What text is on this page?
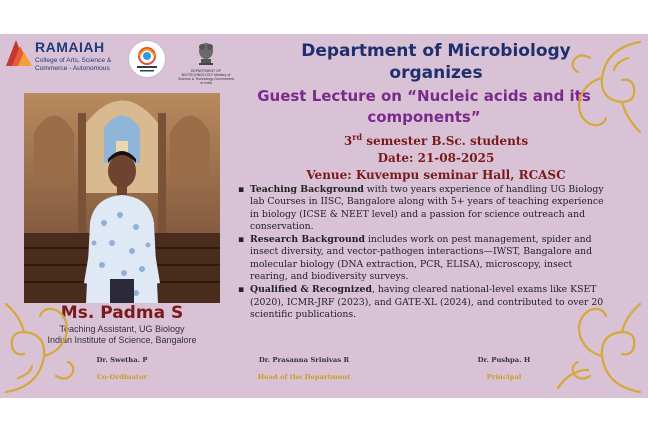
RAMAIAH
College of Arts, Science & Commerce - Autonomous	DEPARTMENT OF BIOTECHNOLOGY Ministry of Science & Technology Government of India
Ms. Padma S
Teaching Assistant, UG Biology
Indian Institute of Science, Bangalore
Department of Microbiology
organizes
Guest Lecture on “Nucleic acids and its
components”
3rd semester B.Sc. students
Date: 21-08-2025
Venue: Kuvempu seminar Hall, RCASC
▪ Teaching Background with two years experience of handling UG Biology lab Courses in IISC, Bangalore along with 5+ years of teaching experience in biology (ICSE & NEET level) and a passion for science outreach and conservation.
▪ Research Background includes work on pest management, spider and insect diversity, and vector-pathogen interactions—IWST, Bangalore and molecular biology (DNA extraction, PCR, ELISA), microscopy, insect rearing, and biodiversity surveys.
▪ Qualified & Recognized, having cleared national-level exams like KSET (2020), ICMR-JRF (2023), and GATE-XL (2024), and contributed to over 20 scientific publications.
Dr. Swetha. P
Co-Ordinator
Dr. Prasanna Srinivas R
Head of the Department
Dr. Pushpa. H
Principal
